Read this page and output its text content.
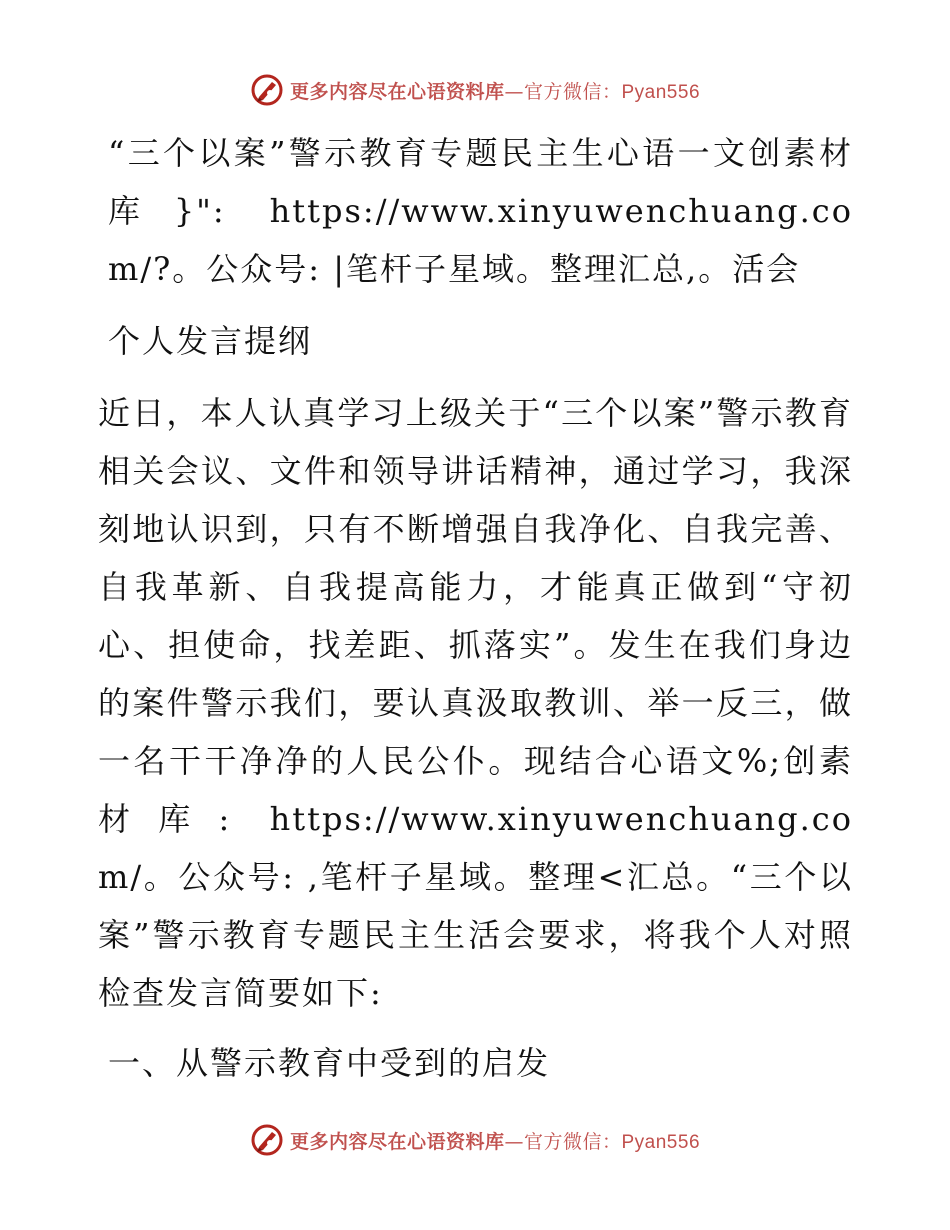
更多内容尽在心语资料库—官方微信：Pyan556

“三个以案”警示教育专题民主生心语一文创素材库}": https://www.xinyuwenchuang.com/?。公众号: |笔杆子星域。整理汇总,。活会

个人发言提纲

近日，本人认真学习上级关于“三个以案”警示教育相关会议、文件和领导讲话精神，通过学习，我深刻地认识到，只有不断增强自我净化、自我完善、自我革新、自我提高能力，才能真正做到“守初心、担使命，找差距、抓落实”。发生在我们身边的案件警示我们，要认真汲取教训、举一反三，做一名干干净净的人民公仆。现结合心语文%;创素材库: https://www.xinyuwenchuang.com/。公众号: ,笔杆子星域。整理<汇总。“三个以案”警示教育专题民主生活会要求，将我个人对照检查发言简要如下:

一、从警示教育中受到的启发

更多内容尽在心语资料库—官方微信：Pyan556
